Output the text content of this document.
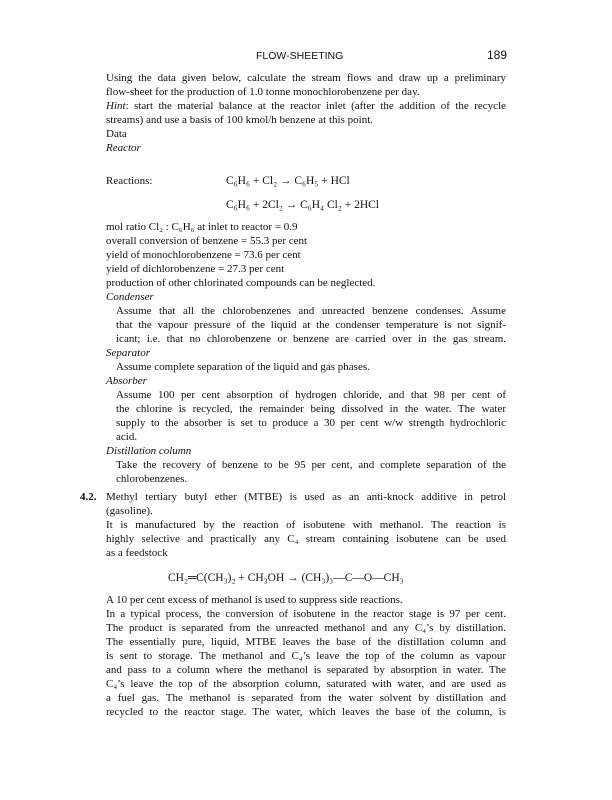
FLOW-SHEETING	189
Using the data given below, calculate the stream flows and draw up a preliminary
flow-sheet for the production of 1.0 tonne monochlorobenzene per day.
Hint: start the material balance at the reactor inlet (after the addition of the recycle
streams) and use a basis of 100 kmol/h benzene at this point.
Data
Reactor
Reactions:	C₆H₆ + Cl₂ → C₆H₅ + HCl
C₆H₆ + 2Cl₂ → C₆H₄ Cl₂ + 2HCl
mol ratio Cl₂ : C₆H₆ at inlet to reactor = 0.9
overall conversion of benzene = 55.3 per cent
yield of monochlorobenzene = 73.6 per cent
yield of dichlorobenzene = 27.3 per cent
production of other chlorinated compounds can be neglected.
Condenser
Assume that all the chlorobenzenes and unreacted benzene condenses. Assume
that the vapour pressure of the liquid at the condenser temperature is not signif-
icant; i.e. that no chlorobenzene or benzene are carried over in the gas stream.
Separator
Assume complete separation of the liquid and gas phases.
Absorber
Assume 100 per cent absorption of hydrogen chloride, and that 98 per cent of
the chlorine is recycled, the remainder being dissolved in the water. The water
supply to the absorber is set to produce a 30 per cent w/w strength hydrochloric
acid.
Distillation column
Take the recovery of benzene to be 95 per cent, and complete separation of the
chlorobenzenes.
4.2. Methyl tertiary butyl ether (MTBE) is used as an anti-knock additive in petrol
(gasoline).
It is manufactured by the reaction of isobutene with methanol. The reaction is
highly selective and practically any C₄ stream containing isobutene can be used
as a feedstock
CH₂═C(CH₃)₂ + CH₃OH → (CH₃)₃—C—O—CH₃
A 10 per cent excess of methanol is used to suppress side reactions.
In a typical process, the conversion of isobutene in the reactor stage is 97 per cent.
The product is separated from the unreacted methanol and any C₄’s by distillation.
The essentially pure, liquid, MTBE leaves the base of the distillation column and
is sent to storage. The methanol and C₄’s leave the top of the column as vapour
and pass to a column where the methanol is separated by absorption in water. The
C₄’s leave the top of the absorption column, saturated with water, and are used as
a fuel gas. The methanol is separated from the water solvent by distillation and
recycled to the reactor stage. The water, which leaves the base of the column, is
